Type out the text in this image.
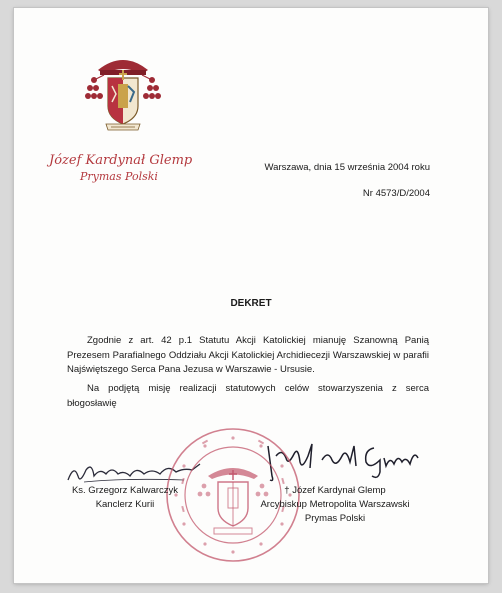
Józef Kardynał Glemp
Prymas Polski
Warszawa, dnia 15 września 2004 roku
Nr 4573/D/2004
DEKRET
Zgodnie z art. 42 p.1 Statutu Akcji Katolickiej mianuję Szanowną Panią Prezesem Parafialnego Oddziału Akcji Katolickiej Archidiecezji Warszawskiej w parafii Najświętszego Serca Pana Jezusa w Warszawie - Ursusie.
Na podjętą misję realizacji statutowych celów stowarzyszenia z serca błogosławię
Ks. Grzegorz Kalwarczyk
Kanclerz Kurii
† Józef Kardynał Glemp
Arcybiskup Metropolita Warszawski
Prymas Polski
